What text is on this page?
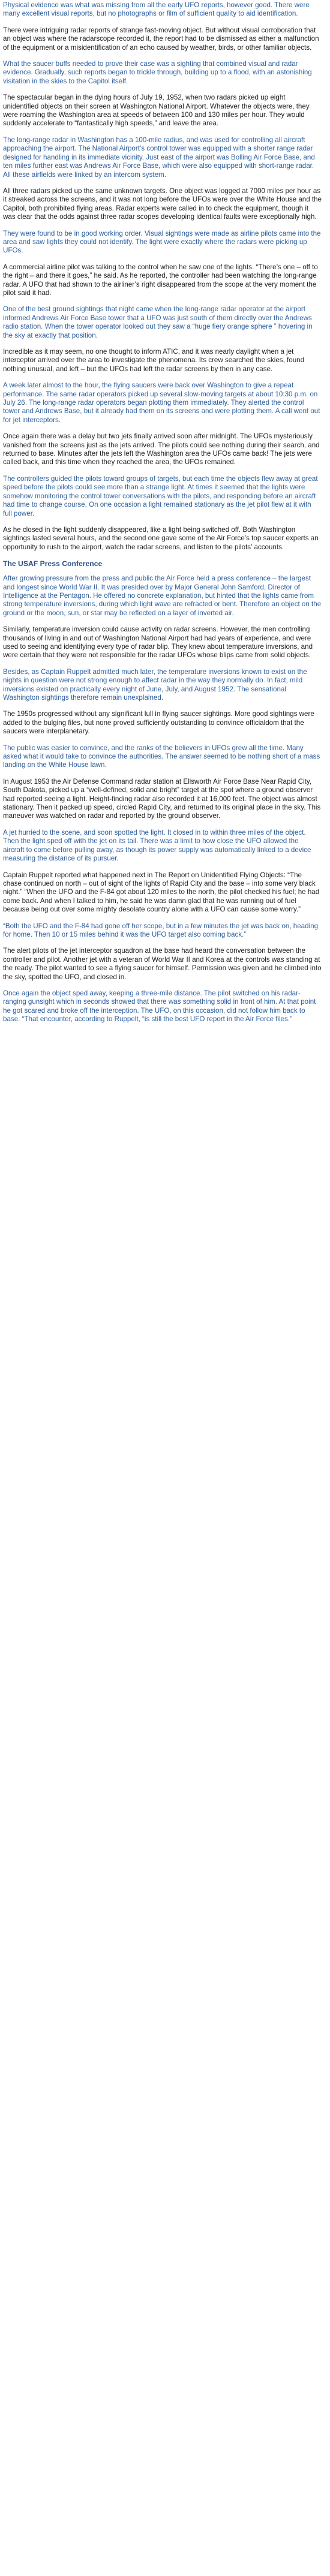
Physical evidence was what was missing from all the early UFO reports, however good. There were many excellent visual reports, but no photographs or film of sufficient quality to aid identification.

There were intriguing radar reports of strange fast-moving object. But without visual corroboration that an object was where the radarscope recorded it, the report had to be dismissed as either a malfunction of the equipment or a misidentification of an echo caused by weather, birds, or other familiar objects.

What the saucer buffs needed to prove their case was a sighting that combined visual and radar evidence. Gradually, such reports began to trickle through, building up to a flood, with an astonishing visitation in the skies to the Capitol itself.

The spectacular began in the dying hours of July 19, 1952, when two radars picked up eight unidentified objects on their screen at Washington National Airport. Whatever the objects were, they were roaming the Washington area at speeds of between 100 and 130 miles per hour. They would suddenly accelerate to “fantastically high speeds,” and leave the area.

The long-range radar in Washington has a 100-mile radius, and was used for controlling all aircraft approaching the airport. The National Airport’s control tower was equipped with a shorter range radar designed for handling in its immediate vicinity. Just east of the airport was Bolling Air Force Base, and ten miles further east was Andrews Air Force Base, which were also equipped with short-range radar. All these airfields were linked by an intercom system.

All three radars picked up the same unknown targets. One object was logged at 7000 miles per hour as it streaked across the screens, and it was not long before the UFOs were over the White House and the Capitol, both prohibited flying areas. Radar experts were called in to check the equipment, though it was clear that the odds against three radar scopes developing identical faults were exceptionally high.

They were found to be in good working order. Visual sightings were made as airline pilots came into the area and saw lights they could not identify. The light were exactly where the radars were picking up UFOs.

A commercial airline pilot was talking to the control when he saw one of the lights. “There’s one – off to the right – and there it goes,” he said. As he reported, the controller had been watching the long-range radar. A UFO that had shown to the airliner’s right disappeared from the scope at the very moment the pilot said it had.

One of the best ground sightings that night came when the long-range radar operator at the airport informed Andrews Air Force Base tower that a UFO was just south of them directly over the Andrews radio station. When the tower operator looked out they saw a “huge fiery orange sphere ” hovering in the sky at exactly that position.

Incredible as it may seem, no one thought to inform ATIC, and it was nearly daylight when a jet interceptor arrived over the area to investigate the phenomena. Its crew searched the skies, found nothing unusual, and left – but the UFOs had left the radar screens by then in any case.

A week later almost to the hour, the flying saucers were back over Washington to give a repeat performance. The same radar operators picked up several slow-moving targets at about 10:30 p.m. on July 26. The long-range radar operators began plotting them immediately. They alerted the control tower and Andrews Base, but it already had them on its screens and were plotting them. A call went out for jet interceptors.

Once again there was a delay but two jets finally arrived soon after midnight. The UFOs mysteriously vanished from the screens just as the jets arrived. The pilots could see nothing during their search, and returned to base. Minutes after the jets left the Washington area the UFOs came back! The jets were called back, and this time when they reached the area, the UFOs remained.

The controllers guided the pilots toward groups of targets, but each time the objects flew away at great speed before the pilots could see more than a strange light. At times it seemed that the lights were somehow monitoring the control tower conversations with the pilots, and responding before an aircraft had time to change course. On one occasion a light remained stationary as the jet pilot flew at it with full power.

As he closed in the light suddenly disappeared, like a light being switched off. Both Washington sightings lasted several hours, and the second one gave some of the Air Force’s top saucer experts an opportunity to rush to the airport, watch the radar screens, and listen to the pilots’ accounts.

The USAF Press Conference

After growing pressure from the press and public the Air Force held a press conference – the largest and longest since World War II. It was presided over by Major General John Samford, Director of Intelligence at the Pentagon. He offered no concrete explanation, but hinted that the lights came from strong temperature inversions, during which light wave are refracted or bent. Therefore an object on the ground or the moon, sun, or star may be reflected on a layer of inverted air.

Similarly, temperature inversion could cause activity on radar screens. However, the men controlling thousands of living in and out of Washington National Airport had had years of experience, and were used to seeing and identifying every type of radar blip. They knew about temperature inversions, and were certain that they were not responsible for the radar UFOs whose blips came from solid objects.

Besides, as Captain Ruppelt admitted much later, the temperature inversions known to exist on the nights in question were not strong enough to affect radar in the way they normally do. In fact, mild inversions existed on practically every night of June, July, and August 1952. The sensational Washington sightings therefore remain unexplained.

The 1950s progressed without any significant lull in flying saucer sightings. More good sightings were added to the bulging files, but none proved sufficiently outstanding to convince officialdom that the saucers were interplanetary.

The public was easier to convince, and the ranks of the believers in UFOs grew all the time. Many asked what it would take to convince the authorities. The answer seemed to be nothing short of a mass landing on the White House lawn.

In August 1953 the Air Defense Command radar station at Ellsworth Air Force Base Near Rapid City, South Dakota, picked up a “well-defined, solid and bright” target at the spot where a ground observer had reported seeing a light. Height-finding radar also recorded it at 16,000 feet. The object was almost stationary. Then it packed up speed, circled Rapid City, and returned to its original place in the sky. This maneuver was watched on radar and reported by the ground observer.

A jet hurried to the scene, and soon spotted the light. It closed in to within three miles of the object. Then the light sped off with the jet on its tail. There was a limit to how close the UFO allowed the aircraft to come before pulling away, as though its power supply was automatically linked to a device measuring the distance of its pursuer.

Captain Ruppelt reported what happened next in The Report on Unidentified Flying Objects: “The chase continued on north – out of sight of the lights of Rapid City and the base – into some very black night.” “When the UFO and the F-84 got about 120 miles to the north, the pilot checked his fuel; he had come back. And when I talked to him, he said he was damn glad that he was running out of fuel because being out over some mighty desolate country alone with a UFO can cause some worry.”

“Both the UFO and the F-84 had gone off her scope, but in a few minutes the jet was back on, heading for home. Then 10 or 15 miles behind it was the UFO target also coming back.”

The alert pilots of the jet interceptor squadron at the base had heard the conversation between the controller and pilot. Another jet with a veteran of World War II and Korea at the controls was standing at the ready. The pilot wanted to see a flying saucer for himself. Permission was given and he climbed into the sky, spotted the UFO, and closed in.

Once again the object sped away, keeping a three-mile distance. The pilot switched on his radar-ranging gunsight which in seconds showed that there was something solid in front of him. At that point he got scared and broke off the interception. The UFO, on this occasion, did not follow him back to base. “That encounter, according to Ruppelt, “is still the best UFO report in the Air Force files.”
